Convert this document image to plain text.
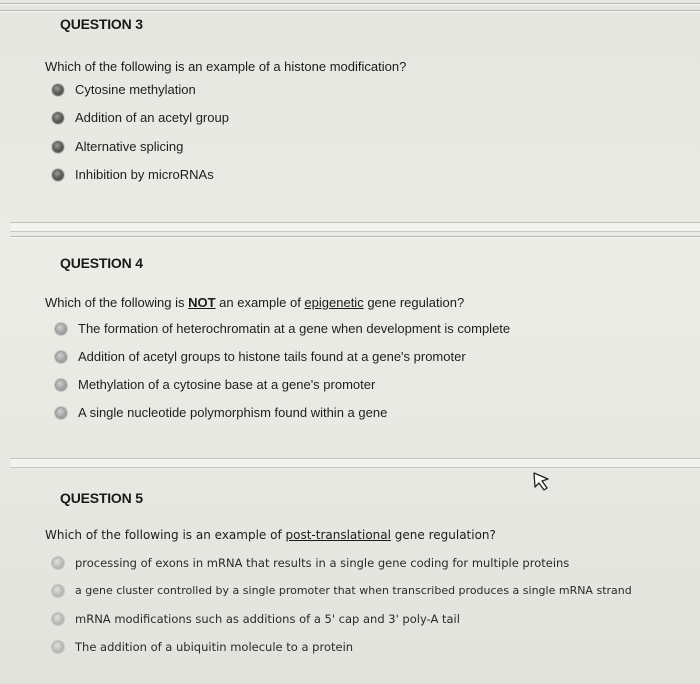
QUESTION 3
Which of the following is an example of a histone modification?
Cytosine methylation
Addition of an acetyl group
Alternative splicing
Inhibition by microRNAs
QUESTION 4
Which of the following is NOT an example of epigenetic gene regulation?
The formation of heterochromatin at a gene when development is complete
Addition of acetyl groups to histone tails found at a gene's promoter
Methylation of a cytosine base at a gene's promoter
A single nucleotide polymorphism found within a gene
QUESTION 5
Which of the following is an example of post-translational gene regulation?
processing of exons in mRNA that results in a single gene coding for multiple proteins
a gene cluster controlled by a single promoter that when transcribed produces a single mRNA strand
mRNA modifications such as additions of a 5' cap and 3' poly-A tail
The addition of a ubiquitin molecule to a protein
